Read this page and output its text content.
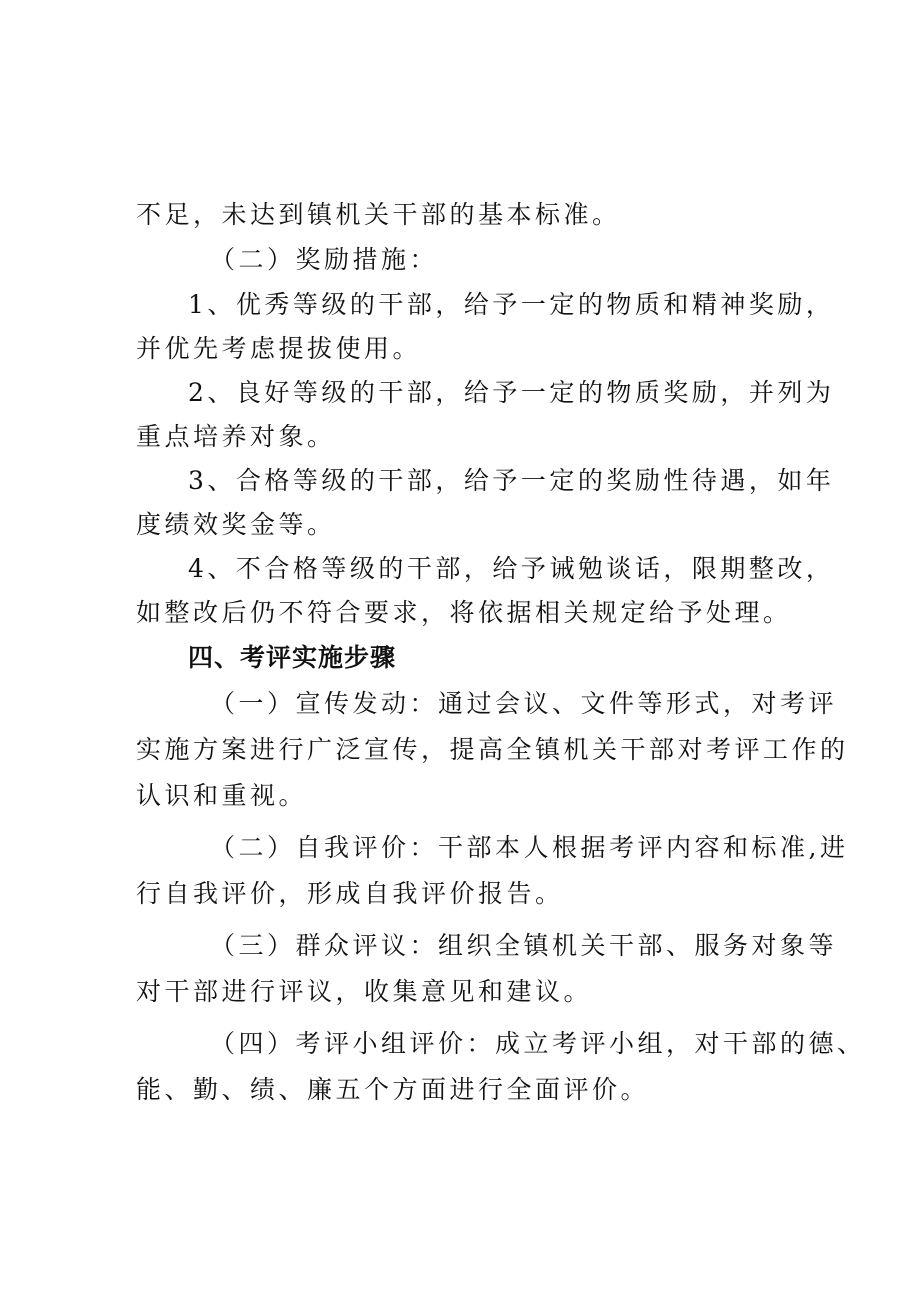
不足，未达到镇机关干部的基本标准。
（二）奖励措施：
1、优秀等级的干部，给予一定的物质和精神奖励，
并优先考虑提拔使用。
2、良好等级的干部，给予一定的物质奖励，并列为
重点培养对象。
3、合格等级的干部，给予一定的奖励性待遇，如年
度绩效奖金等。
4、不合格等级的干部，给予诫勉谈话，限期整改，
如整改后仍不符合要求，将依据相关规定给予处理。
四、考评实施步骤
（一）宣传发动：通过会议、文件等形式，对考评
实施方案进行广泛宣传，提高全镇机关干部对考评工作的
认识和重视。
（二）自我评价：干部本人根据考评内容和标准,进
行自我评价，形成自我评价报告。
（三）群众评议：组织全镇机关干部、服务对象等
对干部进行评议，收集意见和建议。
（四）考评小组评价：成立考评小组，对干部的德、
能、勤、绩、廉五个方面进行全面评价。
